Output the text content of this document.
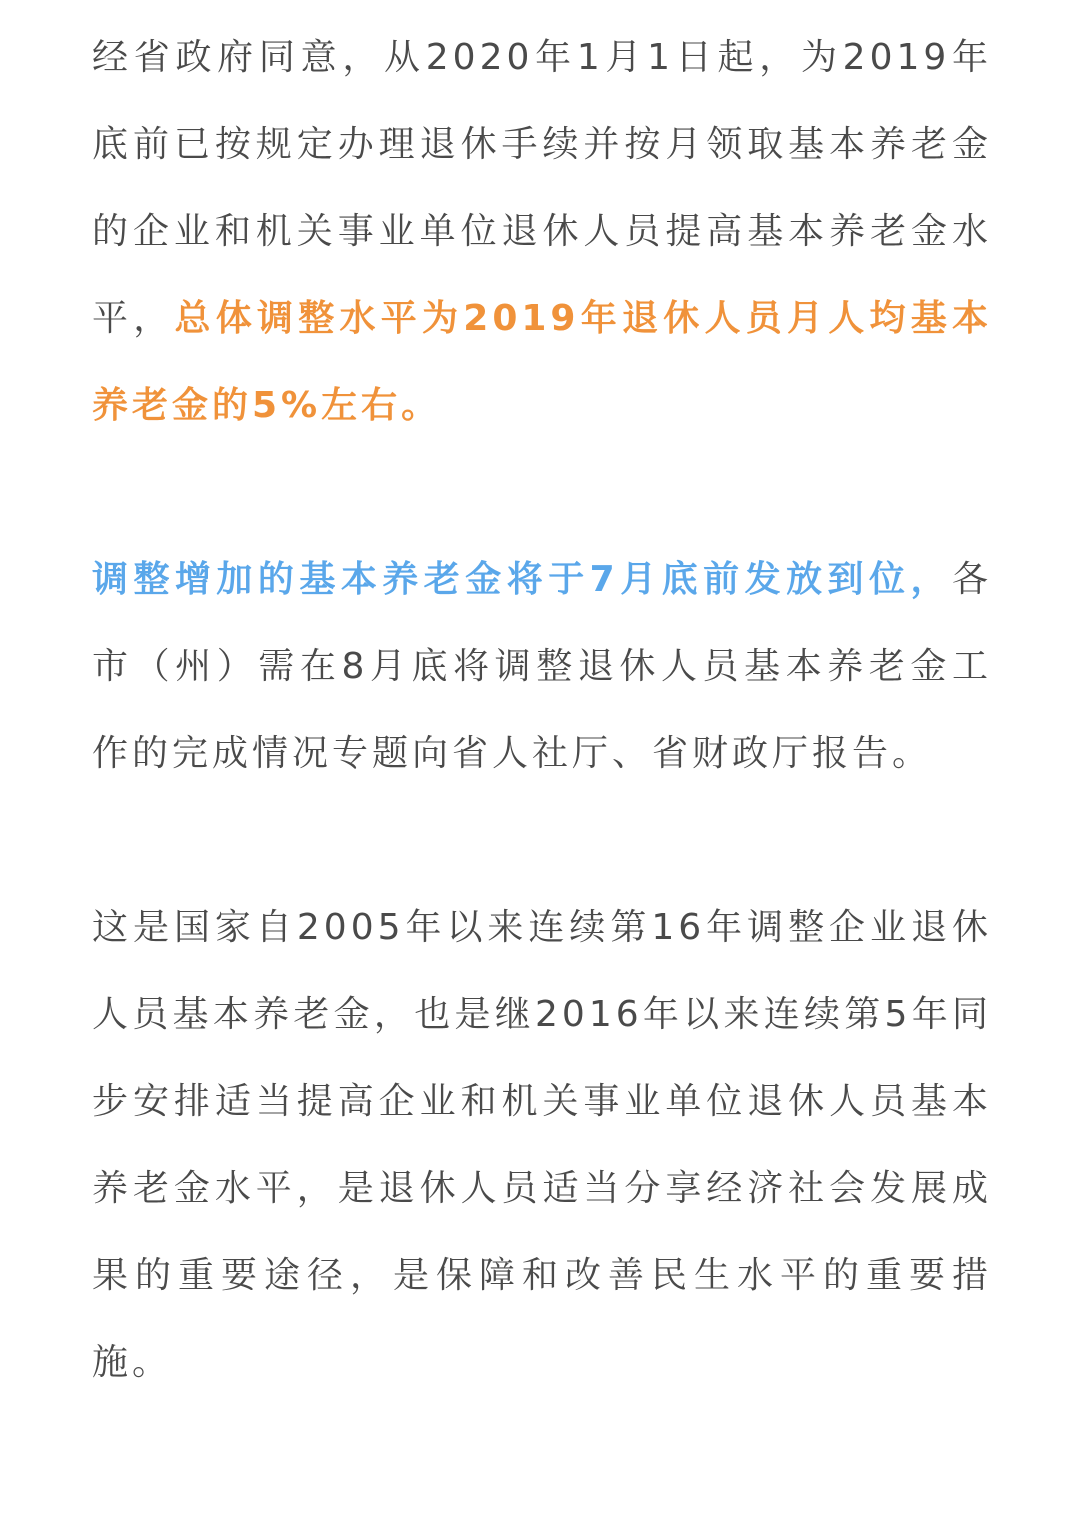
经省政府同意，从2020年1月1日起，为2019年底前已按规定办理退休手续并按月领取基本养老金的企业和机关事业单位退休人员提高基本养老金水平，总体调整水平为2019年退休人员月人均基本养老金的5%左右。

调整增加的基本养老金将于7月底前发放到位，各市（州）需在8月底将调整退休人员基本养老金工作的完成情况专题向省人社厅、省财政厅报告。

这是国家自2005年以来连续第16年调整企业退休人员基本养老金，也是继2016年以来连续第5年同步安排适当提高企业和机关事业单位退休人员基本养老金水平，是退休人员适当分享经济社会发展成果的重要途径，是保障和改善民生水平的重要措施。
